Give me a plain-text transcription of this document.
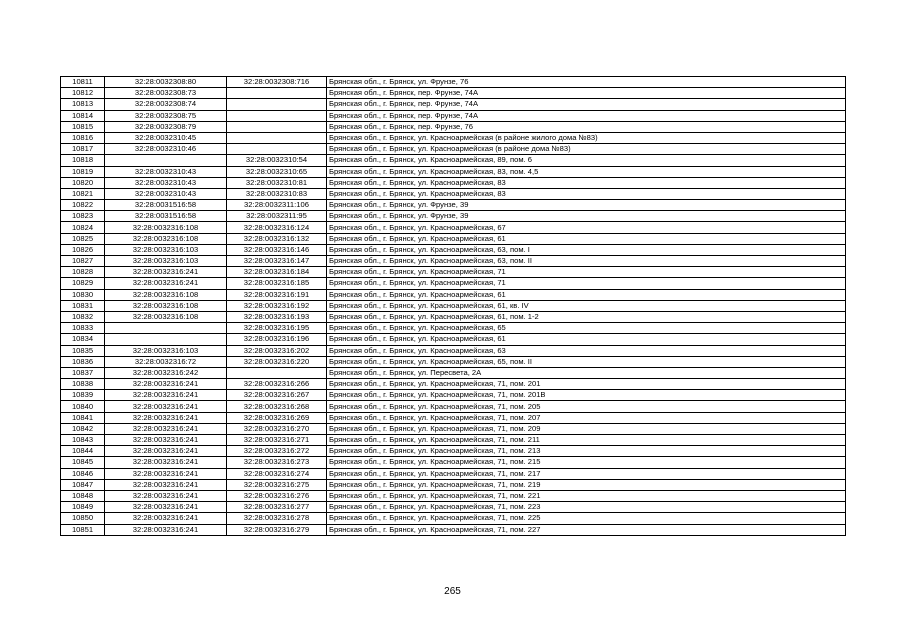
10811	32:28:0032308:80	32:28:0032308:716	Брянская обл., г. Брянск, ул. Фрунзе, 76
10812	32:28:0032308:73		Брянская обл., г. Брянск, пер. Фрунзе, 74А
10813	32:28:0032308:74		Брянская обл., г. Брянск, пер. Фрунзе, 74А
10814	32:28:0032308:75		Брянская обл., г. Брянск, пер. Фрунзе, 74А
10815	32:28:0032308:79		Брянская обл., г. Брянск, пер. Фрунзе, 76
10816	32:28:0032310:45		Брянская обл., г. Брянск, ул. Красноармейская (в районе жилого дома №83)
10817	32:28:0032310:46		Брянская обл., г. Брянск, ул. Красноармейская (в районе дома №83)
10818		32:28:0032310:54	Брянская обл., г. Брянск, ул. Красноармейская, 89, пом. 6
10819	32:28:0032310:43	32:28:0032310:65	Брянская обл., г. Брянск, ул. Красноармейская, 83, пом. 4,5
10820	32:28:0032310:43	32:28:0032310:81	Брянская обл., г. Брянск, ул. Красноармейская, 83
10821	32:28:0032310:43	32:28:0032310:83	Брянская обл., г. Брянск, ул. Красноармейская, 83
10822	32:28:0031516:58	32:28:0032311:106	Брянская обл., г. Брянск, ул. Фрунзе, 39
10823	32:28:0031516:58	32:28:0032311:95	Брянская обл., г. Брянск, ул. Фрунзе, 39
10824	32:28:0032316:108	32:28:0032316:124	Брянская обл., г. Брянск, ул. Красноармейская, 67
10825	32:28:0032316:108	32:28:0032316:132	Брянская обл., г. Брянск, ул. Красноармейская, 61
10826	32:28:0032316:103	32:28:0032316:146	Брянская обл., г. Брянск, ул. Красноармейская, 63, пом. I
10827	32:28:0032316:103	32:28:0032316:147	Брянская обл., г. Брянск, ул. Красноармейская, 63, пом. II
10828	32:28:0032316:241	32:28:0032316:184	Брянская обл., г. Брянск, ул. Красноармейская, 71
10829	32:28:0032316:241	32:28:0032316:185	Брянская обл., г. Брянск, ул. Красноармейская, 71
10830	32:28:0032316:108	32:28:0032316:191	Брянская обл., г. Брянск, ул. Красноармейская, 61
10831	32:28:0032316:108	32:28:0032316:192	Брянская обл., г. Брянск, ул. Красноармейская, 61, кв. IV
10832	32:28:0032316:108	32:28:0032316:193	Брянская обл., г. Брянск, ул. Красноармейская, 61, пом. 1-2
10833		32:28:0032316:195	Брянская обл., г. Брянск, ул. Красноармейская, 65
10834		32:28:0032316:196	Брянская обл., г. Брянск, ул. Красноармейская, 61
10835	32:28:0032316:103	32:28:0032316:202	Брянская обл., г. Брянск, ул. Красноармейская, 63
10836	32:28:0032316:72	32:28:0032316:220	Брянская обл., г. Брянск, ул. Красноармейская, 65, пом. II
10837	32:28:0032316:242		Брянская обл., г. Брянск, ул. Пересвета, 2А
10838	32:28:0032316:241	32:28:0032316:266	Брянская обл., г. Брянск, ул. Красноармейская, 71, пом. 201
10839	32:28:0032316:241	32:28:0032316:267	Брянская обл., г. Брянск, ул. Красноармейская, 71, пом. 201В
10840	32:28:0032316:241	32:28:0032316:268	Брянская обл., г. Брянск, ул. Красноармейская, 71, пом. 205
10841	32:28:0032316:241	32:28:0032316:269	Брянская обл., г. Брянск, ул. Красноармейская, 71, пом. 207
10842	32:28:0032316:241	32:28:0032316:270	Брянская обл., г. Брянск, ул. Красноармейская, 71, пом. 209
10843	32:28:0032316:241	32:28:0032316:271	Брянская обл., г. Брянск, ул. Красноармейская, 71, пом. 211
10844	32:28:0032316:241	32:28:0032316:272	Брянская обл., г. Брянск, ул. Красноармейская, 71, пом. 213
10845	32:28:0032316:241	32:28:0032316:273	Брянская обл., г. Брянск, ул. Красноармейская, 71, пом. 215
10846	32:28:0032316:241	32:28:0032316:274	Брянская обл., г. Брянск, ул. Красноармейская, 71, пом. 217
10847	32:28:0032316:241	32:28:0032316:275	Брянская обл., г. Брянск, ул. Красноармейская, 71, пом. 219
10848	32:28:0032316:241	32:28:0032316:276	Брянская обл., г. Брянск, ул. Красноармейская, 71, пом. 221
10849	32:28:0032316:241	32:28:0032316:277	Брянская обл., г. Брянск, ул. Красноармейская, 71, пом. 223
10850	32:28:0032316:241	32:28:0032316:278	Брянская обл., г. Брянск, ул. Красноармейская, 71, пом. 225
10851	32:28:0032316:241	32:28:0032316:279	Брянская обл., г. Брянск, ул. Красноармейская, 71, пом. 227
265
